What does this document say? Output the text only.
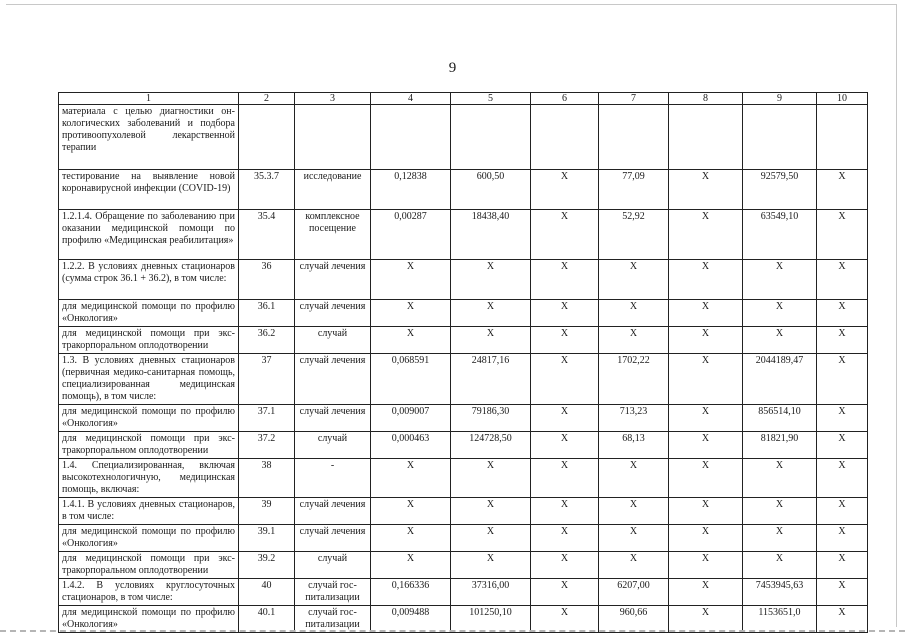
9
1	2	3	4	5	6	7	8	9	10
материала с целью диагностики онкологических заболеваний и подбора противоопухолевой лекарственной терапии									
тестирование на выявление новой коронавирусной инфекции (COVID-19)	35.3.7	исследование	0,12838	600,50	X	77,09	X	92579,50	X
1.2.1.4. Обращение по заболеванию при оказании медицинской помощи по профилю «Медицинская реабилитация»	35.4	комплексное посещение	0,00287	18438,40	X	52,92	X	63549,10	X
1.2.2. В условиях дневных стационаров (сумма строк 36.1 + 36.2), в том числе:	36	случай лечения	X	X	X	X	X	X	X
для медицинской помощи по профилю «Онкология»	36.1	случай лечения	X	X	X	X	X	X	X
для медицинской помощи при экстракорпоральном оплодотворении	36.2	случай	X	X	X	X	X	X	X
1.3. В условиях дневных стационаров (первичная медико-санитарная помощь, специализированная медицинская помощь), в том числе:	37	случай лечения	0,068591	24817,16	X	1702,22	X	2044189,47	X
для медицинской помощи по профилю «Онкология»	37.1	случай лечения	0,009007	79186,30	X	713,23	X	856514,10	X
для медицинской помощи при экстракорпоральном оплодотворении	37.2	случай	0,000463	124728,50	X	68,13	X	81821,90	X
1.4. Специализированная, включая высокотехнологичную, медицинская помощь, включая:	38	-	X	X	X	X	X	X	X
1.4.1. В условиях дневных стационаров, в том числе:	39	случай лечения	X	X	X	X	X	X	X
для медицинской помощи по профилю «Онкология»	39.1	случай лечения	X	X	X	X	X	X	X
для медицинской помощи при экстракорпоральном оплодотворении	39.2	случай	X	X	X	X	X	X	X
1.4.2. В условиях круглосуточных стационаров, в том числе:	40	случай госпитализации	0,166336	37316,00	X	6207,00	X	7453945,63	X
для медицинской помощи по профилю «Онкология»	40.1	случай госпитализации	0,009488	101250,10	X	960,66	X	1153651,0	X
